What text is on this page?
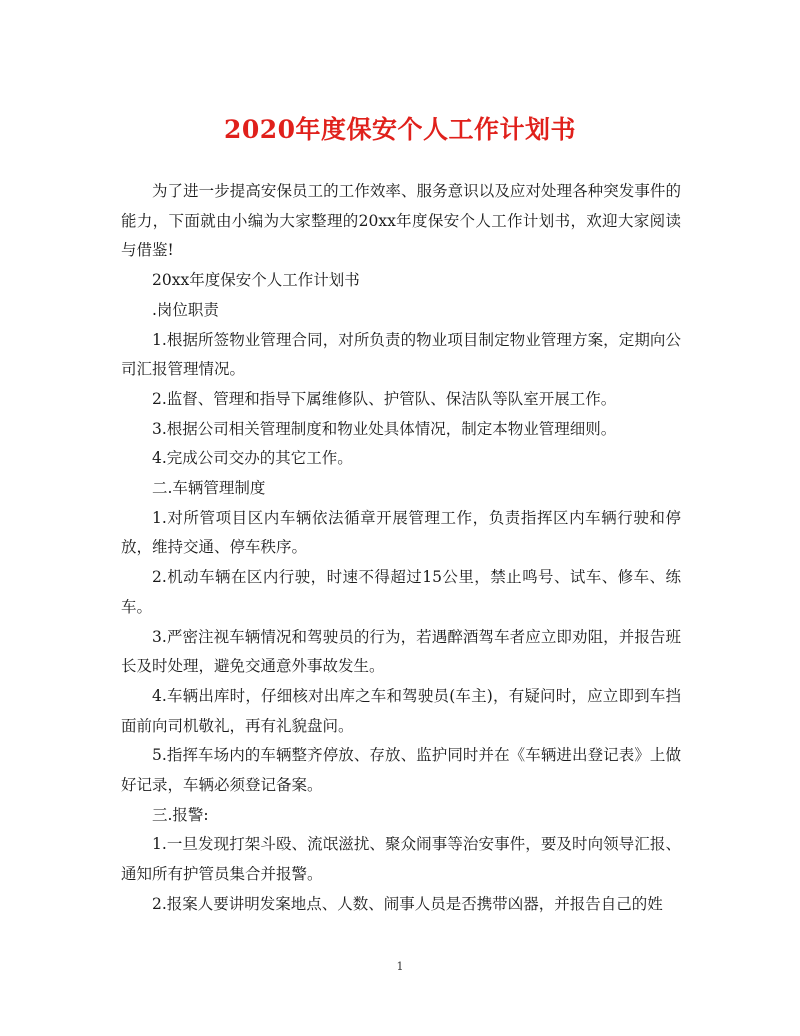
2020年度保安个人工作计划书

为了进一步提高安保员工的工作效率、服务意识以及应对处理各种突发事件的能力，下面就由小编为大家整理的20xx年度保安个人工作计划书，欢迎大家阅读与借鉴!

20xx年度保安个人工作计划书

.岗位职责

1.根据所签物业管理合同，对所负责的物业项目制定物业管理方案，定期向公司汇报管理情况。

2.监督、管理和指导下属维修队、护管队、保洁队等队室开展工作。

3.根据公司相关管理制度和物业处具体情况，制定本物业管理细则。

4.完成公司交办的其它工作。

二.车辆管理制度

1.对所管项目区内车辆依法循章开展管理工作，负责指挥区内车辆行驶和停放，维持交通、停车秩序。

2.机动车辆在区内行驶，时速不得超过15公里，禁止鸣号、试车、修车、练车。

3.严密注视车辆情况和驾驶员的行为，若遇醉酒驾车者应立即劝阻，并报告班长及时处理，避免交通意外事故发生。

4.车辆出库时，仔细核对出库之车和驾驶员(车主)，有疑问时，应立即到车挡面前向司机敬礼，再有礼貌盘问。

5.指挥车场内的车辆整齐停放、存放、监护同时并在《车辆进出登记表》上做好记录，车辆必须登记备案。

三.报警:

1.一旦发现打架斗殴、流氓滋扰、聚众闹事等治安事件，要及时向领导汇报、通知所有护管员集合并报警。

2.报案人要讲明发案地点、人数、闹事人员是否携带凶器，并报告自己的姓

1
